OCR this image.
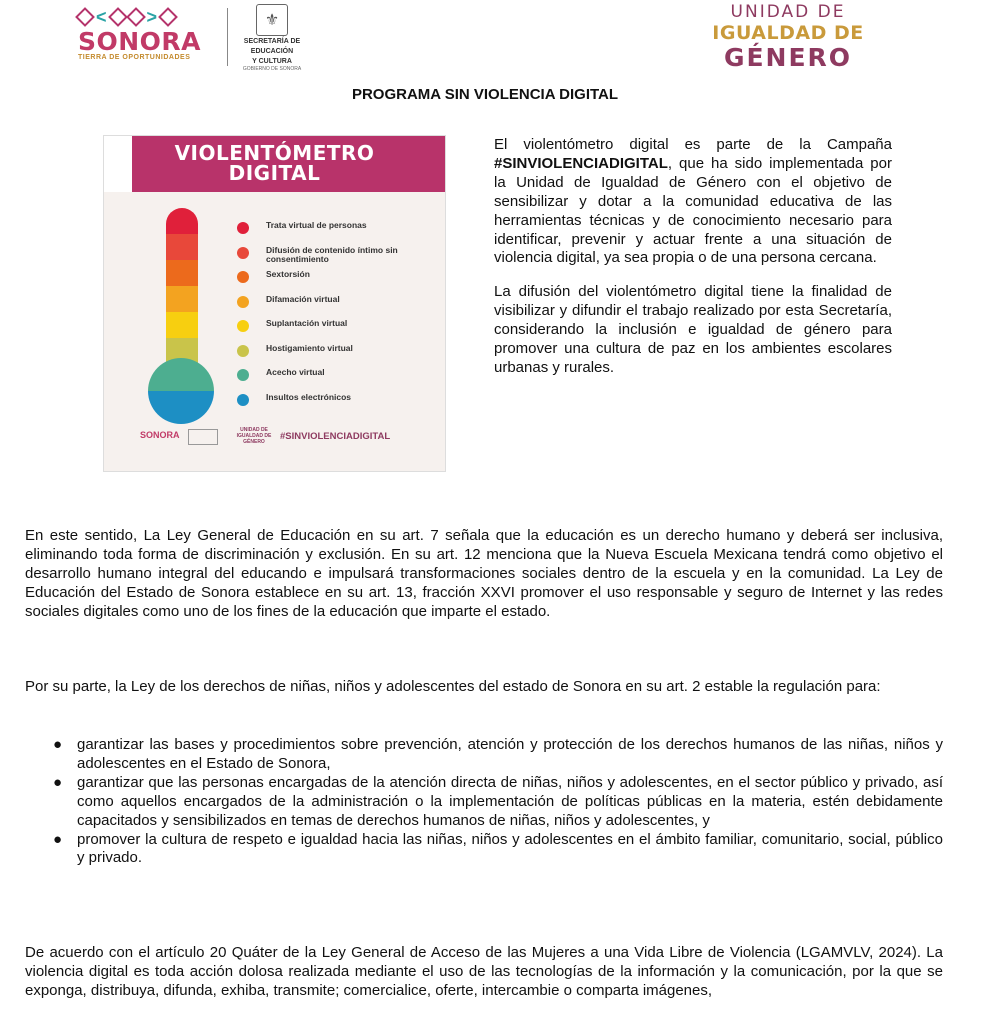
< >
SONORA
TIERRA DE OPORTUNIDADES
⚜
SECRETARÍA DE
EDUCACIÓN
Y CULTURA
GOBIERNO DE SONORA
UNIDAD DE
IGUALDAD DE
GÉNERO
PROGRAMA SIN VIOLENCIA DIGITAL
VIOLENTÓMETRO
DIGITAL
Trata virtual de personas
Difusión de contenido íntimo sin consentimiento
Sextorsión
Difamación virtual
Suplantación virtual
Hostigamiento virtual
Acecho virtual
Insultos electrónicos
SONORA	UNIDAD DE IGUALDAD DE GÉNERO	#SINVIOLENCIADIGITAL

El violentómetro digital es parte de la Campaña #SINVIOLENCIADIGITAL, que ha sido implementada por la Unidad de Igualdad de Género con el objetivo de sensibilizar y dotar a la comunidad educativa de las herramientas técnicas y de conocimiento necesario para identificar, prevenir y actuar frente a una situación de violencia digital, ya sea propia o de una persona cercana.

La difusión del violentómetro digital tiene la finalidad de visibilizar y difundir el trabajo realizado por esta Secretaría, considerando la inclusión e igualdad de género para promover una cultura de paz en los ambientes escolares urbanas y rurales.

En este sentido, La Ley General de Educación en su art. 7 señala que la educación es un derecho humano y deberá ser inclusiva, eliminando toda forma de discriminación y exclusión. En su art. 12 menciona que la Nueva Escuela Mexicana tendrá como objetivo el desarrollo humano integral del educando e impulsará transformaciones sociales dentro de la escuela y en la comunidad. La Ley de Educación del Estado de Sonora establece en su art. 13, fracción XXVI promover el uso responsable y seguro de Internet y las redes sociales digitales como uno de los fines de la educación que imparte el estado.

Por su parte, la Ley de los derechos de niñas, niños y adolescentes del estado de Sonora en su art. 2 estable la regulación para:

● garantizar las bases y procedimientos sobre prevención, atención y protección de los derechos humanos de las niñas, niños y adolescentes en el Estado de Sonora,
● garantizar que las personas encargadas de la atención directa de niñas, niños y adolescentes, en el sector público y privado, así como aquellos encargados de la administración o la implementación de políticas públicas en la materia, estén debidamente capacitados y sensibilizados en temas de derechos humanos de niñas, niños y adolescentes, y
● promover la cultura de respeto e igualdad hacia las niñas, niños y adolescentes en el ámbito familiar, comunitario, social, público y privado.

De acuerdo con el artículo 20 Quáter de la Ley General de Acceso de las Mujeres a una Vida Libre de Violencia (LGAMVLV, 2024). La violencia digital es toda acción dolosa realizada mediante el uso de las tecnologías de la información y la comunicación, por la que se exponga, distribuya, difunda, exhiba, transmite; comercialice, oferte, intercambie o comparta imágenes,
